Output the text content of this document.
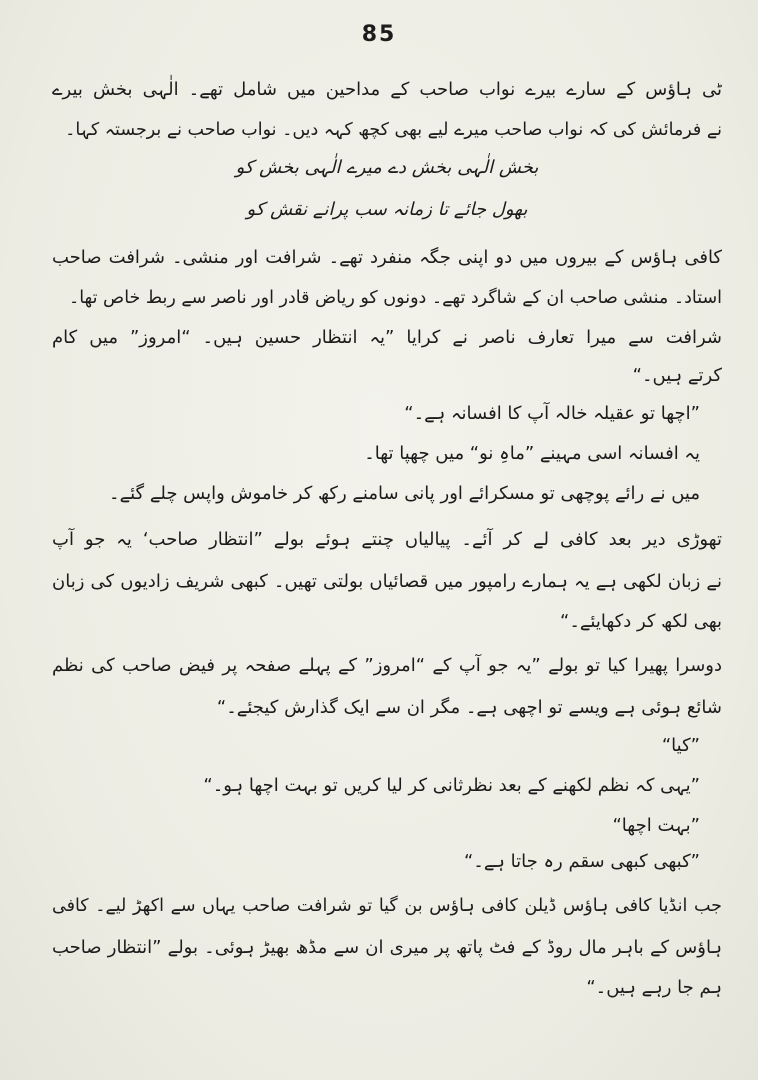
85
ٹی ہاؤس کے سارے بیرے نواب صاحب کے مداحین میں شامل تھے۔ الٰہی بخش بیرے
نے فرمائش کی کہ نواب صاحب میرے لیے بھی کچھ کہہ دیں۔ نواب صاحب نے برجستہ کہا۔
بخش الٰہی بخش دے میرے الٰہی بخش کو
بھول جائے تا زمانہ سب پرانے نقش کو
کافی ہاؤس کے بیروں میں دو اپنی جگہ منفرد تھے۔ شرافت اور منشی۔ شرافت صاحب
استاد۔ منشی صاحب ان کے شاگرد تھے۔ دونوں کو ریاض قادر اور ناصر سے ربط خاص تھا۔
شرافت سے میرا تعارف ناصر نے کرایا ”یہ انتظار حسین ہیں۔ “امروز” میں کام
کرتے ہیں۔“
”اچھا تو عقیلہ خالہ آپ کا افسانہ ہے۔“
یہ افسانہ اسی مہینے ”ماہِ نو“ میں چھپا تھا۔
میں نے رائے پوچھی تو مسکرائے اور پانی سامنے رکھ کر خاموش واپس چلے گئے۔
تھوڑی دیر بعد کافی لے کر آئے۔ پیالیاں چنتے ہوئے بولے ”انتظار صاحب‘ یہ جو آپ
نے زبان لکھی ہے یہ ہمارے رامپور میں قصائیاں بولتی تھیں۔ کبھی شریف زادیوں کی زبان
بھی لکھ کر دکھایئے۔“
دوسرا پھیرا کیا تو بولے ”یہ جو آپ کے “امروز” کے پہلے صفحہ پر فیض صاحب کی نظم
شائع ہوئی ہے ویسے تو اچھی ہے۔ مگر ان سے ایک گذارش کیجئے۔“
”کیا“
”یہی کہ نظم لکھنے کے بعد نظرثانی کر لیا کریں تو بہت اچھا ہو۔“
”بہت اچھا“
”کبھی کبھی سقم رہ جاتا ہے۔“
جب انڈیا کافی ہاؤس ڈیلن کافی ہاؤس بن گیا تو شرافت صاحب یہاں سے اکھڑ لیے۔ کافی
ہاؤس کے باہر مال روڈ کے فٹ پاتھ پر میری ان سے مڈھ بھیڑ ہوئی۔ بولے ”انتظار صاحب
ہم جا رہے ہیں۔“
